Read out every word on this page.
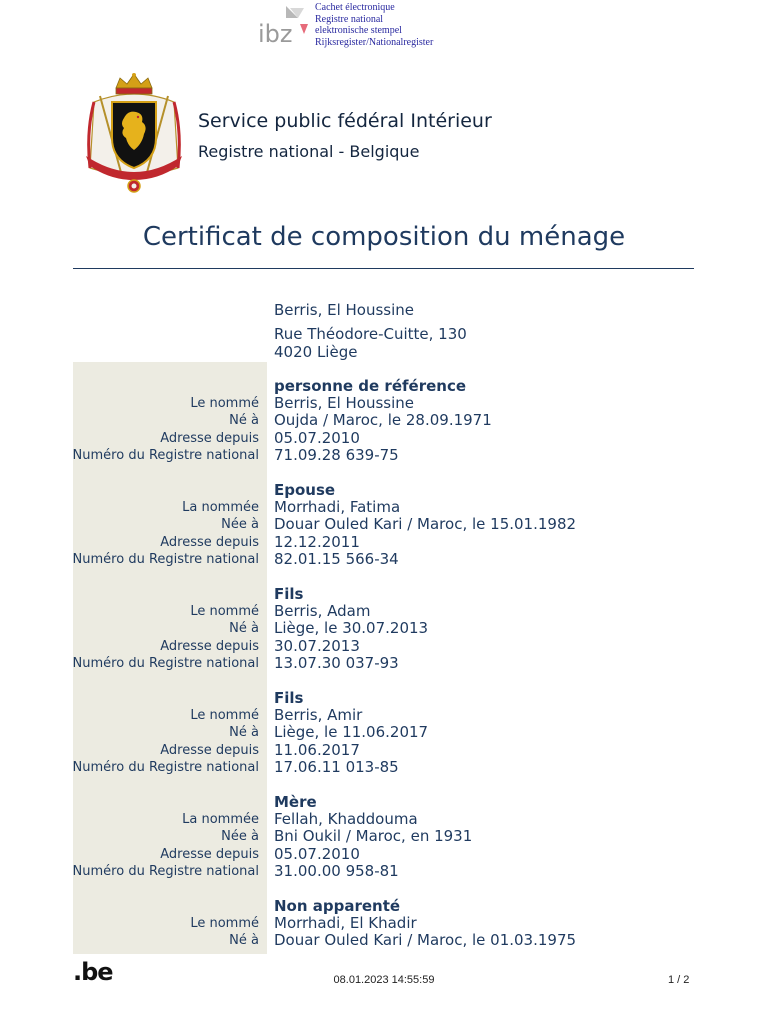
ibz
Cachet électronique
Registre national
elektronische stempel
Rijksregister/Nationalregister
Service public fédéral Intérieur
Registre national - Belgique
Certificat de composition du ménage
Berris, El Houssine
Rue Théodore-Cuitte, 130
4020 Liège
personne de référence
Le nommé Berris, El Houssine
Né à Oujda / Maroc, le 28.09.1971
Adresse depuis 05.07.2010
Numéro du Registre national 71.09.28 639-75
Epouse
La nommée Morrhadi, Fatima
Née à Douar Ouled Kari / Maroc, le 15.01.1982
Adresse depuis 12.12.2011
Numéro du Registre national 82.01.15 566-34
Fils
Le nommé Berris, Adam
Né à Liège, le 30.07.2013
Adresse depuis 30.07.2013
Numéro du Registre national 13.07.30 037-93
Fils
Le nommé Berris, Amir
Né à Liège, le 11.06.2017
Adresse depuis 11.06.2017
Numéro du Registre national 17.06.11 013-85
Mère
La nommée Fellah, Khaddouma
Née à Bni Oukil / Maroc, en 1931
Adresse depuis 05.07.2010
Numéro du Registre national 31.00.00 958-81
Non apparenté
Le nommé Morrhadi, El Khadir
Né à Douar Ouled Kari / Maroc, le 01.03.1975
.be	08.01.2023 14:55:59	1 / 2
